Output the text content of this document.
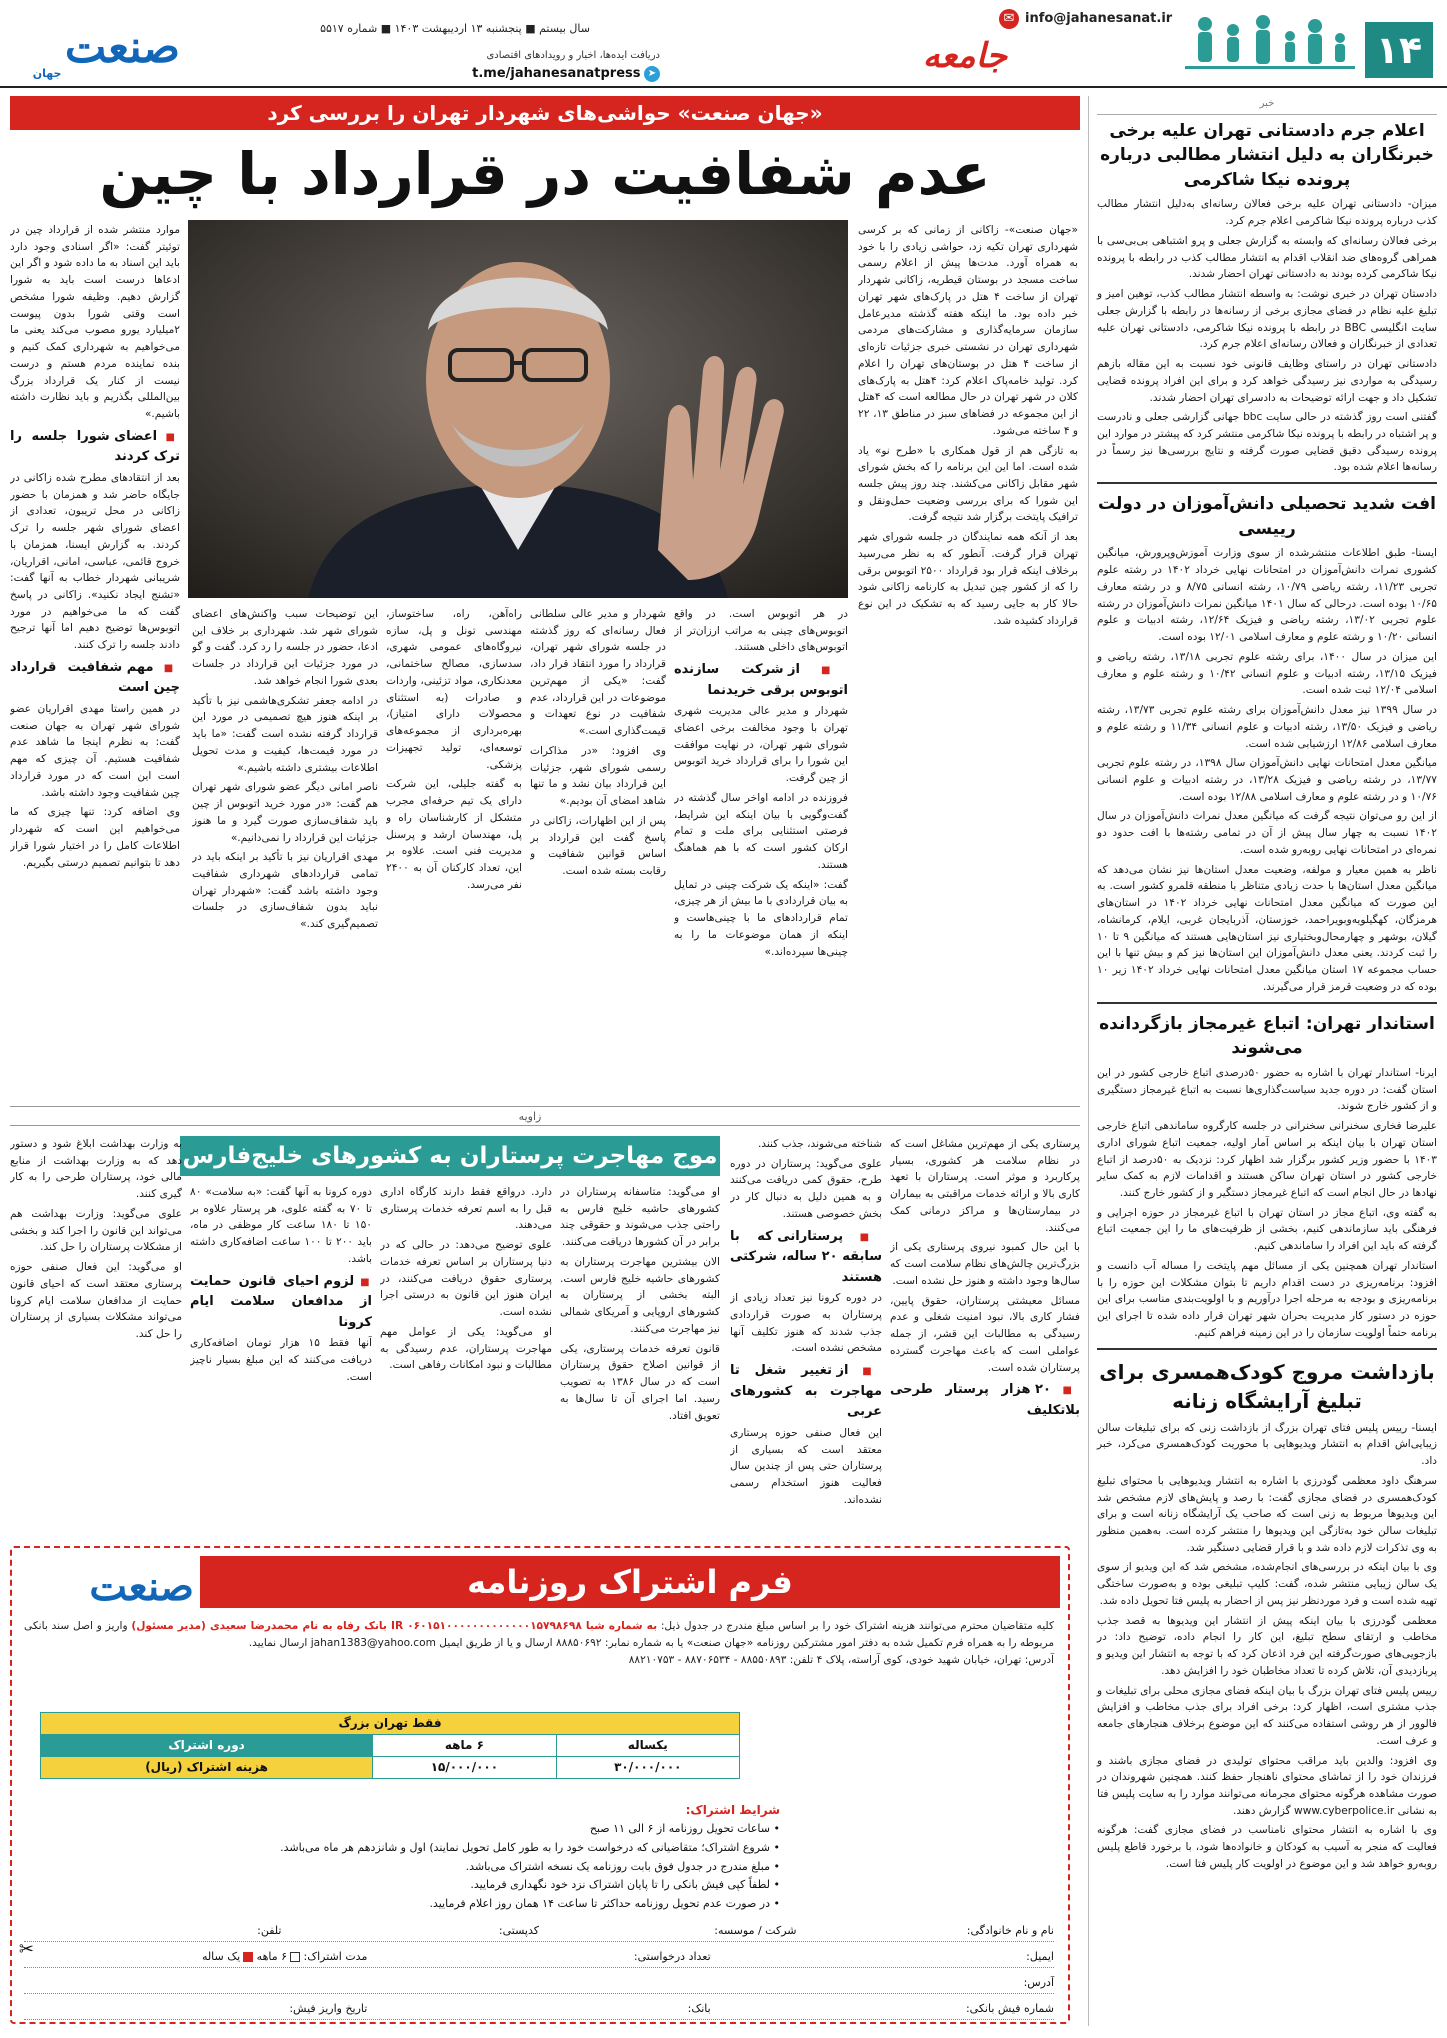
۱۴
✉ info@jahanesanat.ir
جامعه
سال بیستم ■ پنجشنبه ۱۳ اردیبهشت ۱۴۰۳ ■ شماره ۵۵۱۷
دریافت ایده‌ها، اخبار و رویدادهای اقتصادی
➤ t.me/jahanesanatpress
صنعت جهان
خبر
اعلام جرم دادستانی تهران علیه برخی خبرنگاران به دلیل انتشار مطالبی درباره پرونده نیکا شاکرمی

میزان- دادستانی تهران علیه برخی فعالان رسانه‌ای به‌دلیل انتشار مطالب کذب درباره پرونده نیکا شاکرمی اعلام جرم کرد.

برخی فعالان رسانه‌ای که وابسته به گزارش جعلی و پرو اشتباهی بی‌بی‌سی با همراهی گروه‌های ضد انقلاب اقدام به انتشار مطالب کذب در رابطه با پرونده نیکا شاکرمی کرده بودند به دادستانی تهران احضار شدند.

دادستان تهران در خبری نوشت: به واسطه انتشار مطالب کذب، توهین امیز و تبلیغ علیه نظام در فضای مجازی برخی از رسانه‌ها در رابطه با گزارش جعلی سایت انگلیسی BBC در رابطه با پرونده نیکا شاکرمی، دادستانی تهران علیه تعدادی از خبرنگاران و فعالان رسانه‌ای اعلام جرم کرد.

دادستانی تهران در راستای وظایف قانونی خود نسبت به این مقاله بازهم رسیدگی به مواردی نیز رسیدگی خواهد کرد و برای این افراد پرونده قضایی تشکیل داد و جهت ارائه توضیحات به دادسرای تهران احضار شدند.

گفتنی است روز گذشته در حالی سایت bbc جهانی گزارشی جعلی و نادرست و پر اشتباه در رابطه با پرونده نیکا شاکرمی منتشر کرد که پیشتر در موارد این پرونده رسیدگی دقیق قضایی صورت گرفته و نتایج بررسی‌ها نیز رسماً در رسانه‌ها اعلام شده بود.

افت شدید تحصیلی دانش‌آموزان در دولت رییسی

ایسنا- طبق اطلاعات منتشرشده از سوی وزارت آموزش‌وپرورش، میانگین کشوری نمرات دانش‌آموزان در امتحانات نهایی خرداد ۱۴۰۲ در رشته علوم تجربی ۱۱/۲۳، رشته ریاضی ۱۰/۷۹، رشته انسانی ۸/۷۵ و در رشته معارف ۱۰/۶۵ بوده است. درحالی که سال ۱۴۰۱ میانگین نمرات دانش‌آموزان در رشته علوم تجربی ۱۳/۰۲، رشته ریاضی و فیزیک ۱۲/۶۴، رشته ادبیات و علوم انسانی ۱۰/۲۰ و رشته علوم و معارف اسلامی ۱۲/۰۱ بوده است.

این میزان در سال ۱۴۰۰، برای رشته علوم تجربی ۱۳/۱۸، رشته ریاضی و فیزیک ۱۳/۱۵، رشته ادبیات و علوم انسانی ۱۰/۴۲ و رشته علوم و معارف اسلامی ۱۲/۰۴ ثبت شده است.

در سال ۱۳۹۹ نیز معدل دانش‌آموزان برای رشته علوم تجربی ۱۳/۷۳، رشته ریاضی و فیزیک ۱۳/۵۰، رشته ادبیات و علوم انسانی ۱۱/۳۴ و رشته علوم و معارف اسلامی ۱۲/۸۶ ارزشیابی شده است.

میانگین معدل امتحانات نهایی دانش‌آموزان سال ۱۳۹۸، در رشته علوم تجربی ۱۳/۷۷، در رشته ریاضی و فیزیک ۱۳/۲۸، در رشته ادبیات و علوم انسانی ۱۰/۷۶ و در رشته علوم و معارف اسلامی ۱۲/۸۸ بوده است.

از این رو می‌توان نتیجه گرفت که میانگین معدل نمرات دانش‌آموزان در سال ۱۴۰۲ نسبت به چهار سال پیش از آن در تمامی رشته‌ها با افت حدود دو نمره‌ای در امتحانات نهایی روبه‌رو شده است.

ناظر به همین معیار و مولفه، وضعیت معدل استان‌ها نیز نشان می‌دهد که میانگین معدل استان‌ها با حدت زیادی متناظر با منطقه قلمرو کشور است. به این صورت که میانگین معدل امتحانات نهایی خرداد ۱۴۰۲ در استان‌های هرمزگان، کهگیلویه‌وبویراحمد، خوزستان، آذربایجان غربی، ایلام، کرمانشاه، گیلان، بوشهر و چهارمحال‌وبختیاری نیز استان‌هایی هستند که میانگین ۹ تا ۱۰ را ثبت کردند. یعنی معدل دانش‌آموزان این استان‌ها نیز کم و بیش تنها با این حساب مجموعه ۱۷ استان میانگین معدل امتحانات نهایی خرداد ۱۴۰۲ زیر ۱۰ بوده که در وضعیت قرمز قرار می‌گیرند.

استاندار تهران: اتباع غیرمجاز بازگردانده می‌شوند

ایرنا- استاندار تهران با اشاره به حضور ۵۰درصدی اتباع خارجی کشور در این استان گفت: در دوره جدید سیاست‌گذاری‌ها نسبت به اتباع غیرمجاز دستگیری و از کشور خارج شوند.

علیرضا فخاری سخنرانی سخنرانی در جلسه کارگروه ساماندهی اتباع خارجی استان تهران با بیان اینکه بر اساس آمار اولیه، جمعیت اتباع شورای اداری ۱۴۰۳ با حضور وزیر کشور برگزار شد اظهار کرد: نزدیک به ۵۰درصد از اتباع خارجی کشور در استان تهران ساکن هستند و اقدامات لازم به کمک سایر نهادها در حال انجام است که اتباع غیرمجاز دستگیر و از کشور خارج کنند.

به گفته وی، اتباع مجاز در استان تهران با اتباع غیرمجاز در حوزه اجرایی و فرهنگی باید سازماندهی کنیم، بخشی از ظرفیت‌های ما را این جمعیت اتباع گرفته که باید این افراد را ساماندهی کنیم.

استاندار تهران همچنین یکی از مسائل مهم پایتخت را مساله آب دانست و افزود: برنامه‌ریزی در دست اقدام داریم تا بتوان مشکلات این حوزه را با برنامه‌ریزی و بودجه به مرحله اجرا درآوریم و با اولویت‌بندی مناسب برای این حوزه در دستور کار مدیریت بحران شهر تهران قرار داده شده تا اجرای این برنامه حتماً اولویت سازمان را در این زمینه فراهم کنیم.

بازداشت مروج کودک‌همسری برای تبلیغ آرایشگاه زنانه

ایسنا- رییس پلیس فتای تهران بزرگ از بازداشت زنی که برای تبلیغات سالن زیبایی‌اش اقدام به انتشار ویدیوهایی با محوریت کودک‌همسری می‌کرد، خبر داد.

سرهنگ داود معظمی گودرزی با اشاره به انتشار ویدیوهایی با محتوای تبلیغ کودک‌همسری در فضای مجازی گفت: با رصد و پایش‌های لازم مشخص شد این ویدیوها مربوط به زنی است که صاحب یک آرایشگاه زنانه است و برای تبلیغات سالن خود به‌تازگی این ویدیوها را منتشر کرده است. به‌همین منظور به وی تذکرات لازم داده شد و با قرار قضایی دستگیر شد.

وی با بیان اینکه در بررسی‌های انجام‌شده، مشخص شد که این ویدیو از سوی یک سالن زیبایی منتشر شده، گفت: کلیپ تبلیغی بوده و به‌صورت ساختگی تهیه شده است و فرد موردنظر نیز پس از احضار به پلیس فتا تحویل داده شد.

معظمی گودرزی با بیان اینکه پیش از انتشار این ویدیوها به قصد جذب مخاطب و ارتقای سطح تبلیغ، این کار را انجام داده، توضیح داد: در بازجویی‌های صورت‌گرفته این فرد اذعان کرد که با توجه به انتشار این ویدیو و پربازدیدی آن، تلاش کرده تا تعداد مخاطبان خود را افزایش دهد.

رییس پلیس فتای تهران بزرگ با بیان اینکه فضای مجازی محلی برای تبلیغات و جذب مشتری است، اظهار کرد: برخی افراد برای جذب مخاطب و افزایش فالوور از هر روشی استفاده می‌کنند که این موضوع برخلاف هنجارهای جامعه و عرف است.

وی افزود: والدین باید مراقب محتوای تولیدی در فضای مجازی باشند و فرزندان خود را از تماشای محتوای ناهنجار حفظ کنند. همچنین شهروندان در صورت مشاهده هرگونه محتوای مجرمانه می‌توانند موارد را به سایت پلیس فتا به نشانی www.cyberpolice.ir گزارش دهند.

وی با اشاره به انتشار محتوای نامناسب در فضای مجازی گفت: هرگونه فعالیت که منجر به آسیب به کودکان و خانواده‌ها شود، با برخورد قاطع پلیس روبه‌رو خواهد شد و این موضوع در اولویت کار پلیس فتا است.

«جهان صنعت» حواشی‌های شهردار تهران را بررسی کرد
عدم شفافیت در قرارداد با چین

«جهان صنعت»- زاکانی از زمانی که بر کرسی شهرداری تهران تکیه زد، حواشی زیادی را با خود به همراه آورد. مدت‌ها پیش از اعلام رسمی ساخت مسجد در بوستان قیطریه، زاکانی شهردار تهران از ساخت ۴ هتل در پارک‌های شهر تهران خبر داده بود. ما اینکه هفته گذشته مدیرعامل سازمان سرمایه‌گذاری و مشارکت‌های مردمی شهرداری تهران در نشستی خبری جزئیات تازه‌ای از ساخت ۴ هتل در بوستان‌های تهران را اعلام کرد. تولید خامه‌پاک اعلام کرد: ۴هتل به پارک‌های کلان در شهر تهران در حال مطالعه است که ۴هتل از این مجموعه در فضاهای سبز در مناطق ۱۳، ۲۲ و ۴ ساخته می‌شود.

به تازگی هم از قول همکاری با «طرح نو» یاد شده است. اما این این برنامه را که بخش شورای شهر مقابل زاکانی می‌کشند. چند روز پیش جلسه این شورا که برای بررسی وضعیت حمل‌ونقل و ترافیک پایتخت برگزار شد نتیجه گرفت.

بعد از آنکه همه نمایندگان در جلسه شورای شهر تهران قرار گرفت. آنطور که به نظر می‌رسید برخلاف اینکه قرار بود قرارداد ۲۵۰۰ اتوبوس برقی را که از کشور چین تبدیل به کارنامه زاکانی شود حالا کار به جایی رسید که به تشکیک در این نوع قرارداد کشیده شد.

در هر اتوبوس است. در واقع اتوبوس‌های چینی به مراتب ارزان‌تر از اتوبوس‌های داخلی هستند.

■ از شرکت سازنده اتوبوس برقی خریدنما

شهردار و مدیر عالی مدیریت شهری تهران با وجود مخالفت برخی اعضای شورای شهر تهران، در نهایت موافقت این شورا را برای قرارداد خرید اتوبوس از چین گرفت.

فروزنده در ادامه اواخر سال گذشته در گفت‌وگویی با بیان اینکه این شرایط، فرصتی استثنایی برای ملت و تمام ارکان کشور است که با هم هماهنگ هستند.

گفت: «اینکه یک شرکت چینی در تمایل به بیان قراردادی با ما بیش از هر چیزی، تمام قراردادهای ما با چینی‌هاست و اینکه از همان موضوعات ما را به چینی‌ها سپرده‌اند.»

شهردار و مدیر عالی سلطانی فعال رسانه‌ای که روز گذشته در جلسه شورای شهر تهران، قرارداد را مورد انتقاد قرار داد، گفت: «یکی از مهم‌ترین موضوعات در این قرارداد، عدم شفافیت در نوع تعهدات و قیمت‌گذاری است.»

وی افزود: «در مذاکرات رسمی شورای شهر، جزئیات این قرارداد بیان نشد و ما تنها شاهد امضای آن بودیم.»

پس از این اظهارات، زاکانی در پاسخ گفت این قرارداد بر اساس قوانین شفافیت و رقابت بسته شده است.

راه‌آهن، راه، ساختوساز، مهندسی تونل و پل، سازه نیروگاه‌های عمومی شهری، سدسازی، مصالح ساختمانی، معدنکاری، مواد تزئینی، واردات و صادرات (به استثنای محصولات دارای امتیاز)، بهره‌برداری از مجموعه‌های توسعه‌ای، تولید تجهیزات پزشکی.

به گفته جلیلی، این شرکت دارای یک تیم حرفه‌ای مجرب متشکل از کارشناسان راه و پل، مهندسان ارشد و پرسنل مدیریت فنی است. علاوه بر این، تعداد کارکنان آن به ۲۴۰۰ نفر می‌رسد.

این توضیحات سبب واکنش‌های اعضای شورای شهر شد. شهرداری بر خلاف این ادعا، حضور در جلسه را رد کرد. گفت و گو در مورد جزئیات این قرارداد در جلسات بعدی شورا انجام خواهد شد.

در ادامه جعفر تشکری‌هاشمی نیز با تأکید بر اینکه هنوز هیچ تصمیمی در مورد این قرارداد گرفته نشده است گفت: «ما باید در مورد قیمت‌ها، کیفیت و مدت تحویل اطلاعات بیشتری داشته باشیم.»

ناصر امانی دیگر عضو شورای شهر تهران هم گفت: «در مورد خرید اتوبوس از چین باید شفاف‌سازی صورت گیرد و ما هنوز جزئیات این قرارداد را نمی‌دانیم.»

مهدی اقراریان نیز با تأکید بر اینکه باید در تمامی قراردادهای شهرداری شفافیت وجود داشته باشد گفت: «شهردار تهران نباید بدون شفاف‌سازی در جلسات تصمیم‌گیری کند.»

موارد منتشر شده از قرارداد چین در توئیتر گفت: «اگر اسنادی وجود دارد باید این اسناد به ما داده شود و اگر این ادعاها درست است باید به شورا گزارش دهیم. وظیفه شورا مشخص است وقتی شورا بدون پیوست ۲میلیارد یورو مصوب می‌کند یعنی ما می‌خواهیم به شهرداری کمک کنیم و بنده نماینده مردم هستم و درست نیست از کنار یک قرارداد بزرگ بین‌المللی بگذریم و باید نظارت داشته باشیم.»

■ اعضای شورا جلسه را ترک کردند

بعد از انتقادهای مطرح شده زاکانی در جایگاه حاضر شد و همزمان با حضور زاکانی در محل تریبون، تعدادی از اعضای شورای شهر جلسه را ترک کردند. به گزارش ایسنا، همزمان با خروج قائمی، عباسی، امانی، اقراریان، شریبانی شهردار خطاب به آنها گفت: «تشنج ایجاد نکنید». زاکانی در پاسخ گفت که ما می‌خواهیم در مورد اتوبوس‌ها توضیح دهیم اما آنها ترجیح دادند جلسه را ترک کنند.

■ مهم شفافیت قرارداد چین است

در همین راستا مهدی اقراریان عضو شورای شهر تهران به جهان صنعت گفت: به نظرم اینجا ما شاهد عدم شفافیت هستیم. آن چیزی که مهم است این است که در مورد قرارداد چین شفافیت وجود داشته باشد.

وی اضافه کرد: تنها چیزی که ما می‌خواهیم این است که شهردار اطلاعات کامل را در اختیار شورا قرار دهد تا بتوانیم تصمیم درستی بگیریم.

زاویه
موج مهاجرت پرستاران به کشورهای خلیج‌فارس	پرستاری یکی از مهم‌ترین مشاغل است که در نظام سلامت هر کشوری، بسیار پرکاربرد و موثر است. پرستاران با تعهد کاری بالا و ارائه خدمات مراقبتی به بیماران در بیمارستان‌ها و مراکز درمانی کمک می‌کنند.

با این حال کمبود نیروی پرستاری یکی از بزرگ‌ترین چالش‌های نظام سلامت است که سال‌ها وجود داشته و هنوز حل نشده است.

مسائل معیشتی پرستاران، حقوق پایین، فشار کاری بالا، نبود امنیت شغلی و عدم رسیدگی به مطالبات این قشر، از جمله عواملی است که باعث مهاجرت گسترده پرستاران شده است.

■ ۲۰ هزار پرستار طرحی بلاتکلیف

شناخته می‌شوند، جذب کنند.

علوی می‌گوید: پرستاران در دوره طرح، حقوق کمی دریافت می‌کنند و به همین دلیل به دنبال کار در بخش خصوصی هستند.

■ پرستارانی که با سابقه ۲۰ ساله، شرکتی هستند

در دوره کرونا نیز تعداد زیادی از پرستاران به صورت قراردادی جذب شدند که هنوز تکلیف آنها مشخص نشده است.

■ از تغییر شغل تا مهاجرت به کشورهای عربی

این فعال صنفی حوزه پرستاری معتقد است که بسیاری از پرستاران حتی پس از چندین سال فعالیت هنوز استخدام رسمی نشده‌اند.

او می‌گوید: متاسفانه پرستاران در کشورهای حاشیه خلیج فارس به راحتی جذب می‌شوند و حقوقی چند برابر در آن کشورها دریافت می‌کنند.

الان بیشترین مهاجرت پرستاران به کشورهای حاشیه خلیج فارس است. البته بخشی از پرستاران به کشورهای اروپایی و آمریکای شمالی نیز مهاجرت می‌کنند.

قانون تعرفه خدمات پرستاری، یکی از قوانین اصلاح حقوق پرستاران است که در سال ۱۳۸۶ به تصویب رسید. اما اجرای آن تا سال‌ها به تعویق افتاد.

دارد. درواقع فقط دارند کارگاه اداری قبل را به اسم تعرفه خدمات پرستاری می‌دهند.

علوی توضیح می‌دهد: در حالی که در دنیا پرستاران بر اساس تعرفه خدمات پرستاری حقوق دریافت می‌کنند، در ایران هنوز این قانون به درستی اجرا نشده است.

او می‌گوید: یکی از عوامل مهم مهاجرت پرستاران، عدم رسیدگی به مطالبات و نبود امکانات رفاهی است.

دوره کرونا به آنها گفت: «به سلامت» ۸۰ تا ۷۰ به گفته علوی، هر پرستار علاوه بر ۱۵۰ تا ۱۸۰ ساعت کار موظفی در ماه، باید ۲۰۰ تا ۱۰۰ ساعت اضافه‌کاری داشته باشد.

■ لزوم احیای قانون حمایت از مدافعان سلامت ایام کرونا

آنها فقط ۱۵ هزار تومان اضافه‌کاری دریافت می‌کنند که این مبلغ بسیار ناچیز است.

به وزارت بهداشت ابلاغ شود و دستور دهد که به وزارت بهداشت از منابع مالی خود، پرستاران طرحی را به کار گیری کنند.

علوی می‌گوید: وزارت بهداشت هم می‌تواند این قانون را اجرا کند و بخشی از مشکلات پرستاران را حل کند.

او می‌گوید: این فعال صنفی حوزه پرستاری معتقد است که احیای قانون حمایت از مدافعان سلامت ایام کرونا می‌تواند مشکلات بسیاری از پرستاران را حل کند.

فرم اشتراک روزنامه
صنعت
کلیه متقاضیان محترم می‌توانند هزینه اشتراک خود را بر اساس مبلغ مندرج در جدول ذیل: به شماره شبا ۰۶۰۱۵۱۰۰۰۰۰۰۰۰۰۰۰۰۰۱۵۷۹۸۶۹۸ IR بانک رفاه به نام محمدرضا سعیدی (مدیر مسئول) واریز و اصل سند بانکی مربوطه را به همراه فرم تکمیل شده به دفتر امور مشترکین روزنامه «جهان صنعت» یا به شماره نمابر: ۸۸۸۵۰۶۹۲ ارسال و یا از طریق ایمیل jahan1383@yahoo.com ارسال نمایید.
آدرس: تهران، خیابان شهید خودی، کوی آراسته، پلاک ۴ تلفن: ۸۸۵۵۰۸۹۳ - ۸۸۷۰۶۵۳۴ - ۸۸۲۱۰۷۵۳
فقط تهران بزرگ		
یکساله	۶ ماهه	دوره اشتراک
۳۰/۰۰۰/۰۰۰	۱۵/۰۰۰/۰۰۰	هزینه اشتراک (ریال)
شرایط اشتراک:
• ساعات تحویل روزنامه از ۶ الی ۱۱ صبح
• شروع اشتراک؛ متقاضیانی که درخواست خود را به طور کامل تحویل نمایند) اول و شانزدهم هر ماه می‌باشد.
• مبلغ مندرج در جدول فوق بابت روزنامه یک نسخه اشتراک می‌باشد.
• لطفاً کپی فیش بانکی را تا پایان اشتراک نزد خود نگهداری فرمایید.
• در صورت عدم تحویل روزنامه حداکثر تا ساعت ۱۴ همان روز اعلام فرمایید.
نام و نام خانوادگی:
شرکت / موسسه:
کدپستی:
تلفن:
ایمیل:
تعداد درخواستی:
مدت اشتراک: ۶ ماهه یک ساله
آدرس:
شماره فیش بانکی:
بانک:
تاریخ واریز فیش:
✂
